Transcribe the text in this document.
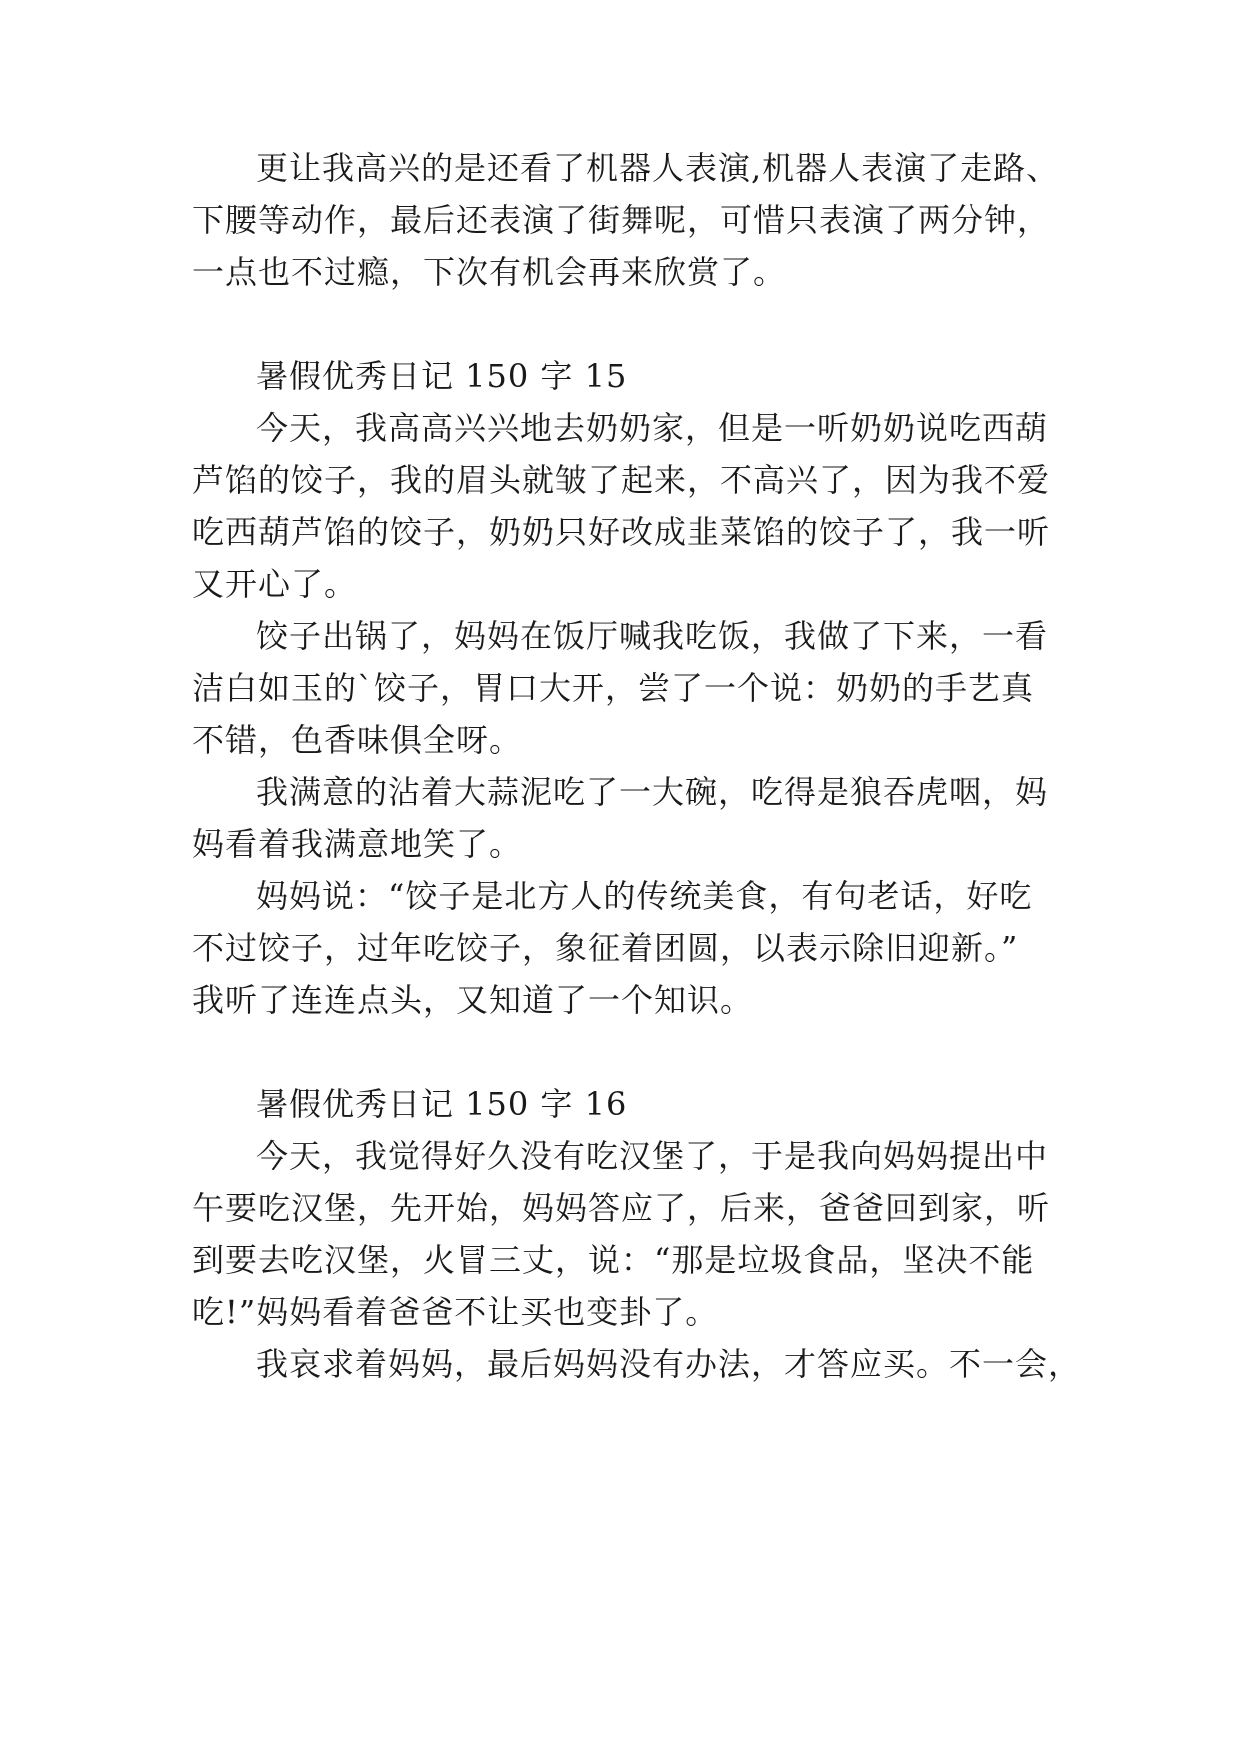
更让我高兴的是还看了机器人表演,机器人表演了走路、
下腰等动作，最后还表演了街舞呢，可惜只表演了两分钟，
一点也不过瘾，下次有机会再来欣赏了。
暑假优秀日记 150 字 15
今天，我高高兴兴地去奶奶家，但是一听奶奶说吃西葫
芦馅的饺子，我的眉头就皱了起来，不高兴了，因为我不爱
吃西葫芦馅的饺子，奶奶只好改成韭菜馅的饺子了，我一听
又开心了。
饺子出锅了，妈妈在饭厅喊我吃饭，我做了下来，一看
洁白如玉的`饺子，胃口大开，尝了一个说：奶奶的手艺真
不错，色香味俱全呀。
我满意的沾着大蒜泥吃了一大碗，吃得是狼吞虎咽，妈
妈看着我满意地笑了。
妈妈说：“饺子是北方人的传统美食，有句老话，好吃
不过饺子，过年吃饺子，象征着团圆，以表示除旧迎新。”
我听了连连点头，又知道了一个知识。
暑假优秀日记 150 字 16
今天，我觉得好久没有吃汉堡了，于是我向妈妈提出中
午要吃汉堡，先开始，妈妈答应了，后来，爸爸回到家，听
到要去吃汉堡，火冒三丈，说：“那是垃圾食品，坚决不能
吃!”妈妈看着爸爸不让买也变卦了。
我哀求着妈妈，最后妈妈没有办法，才答应买。不一会，
